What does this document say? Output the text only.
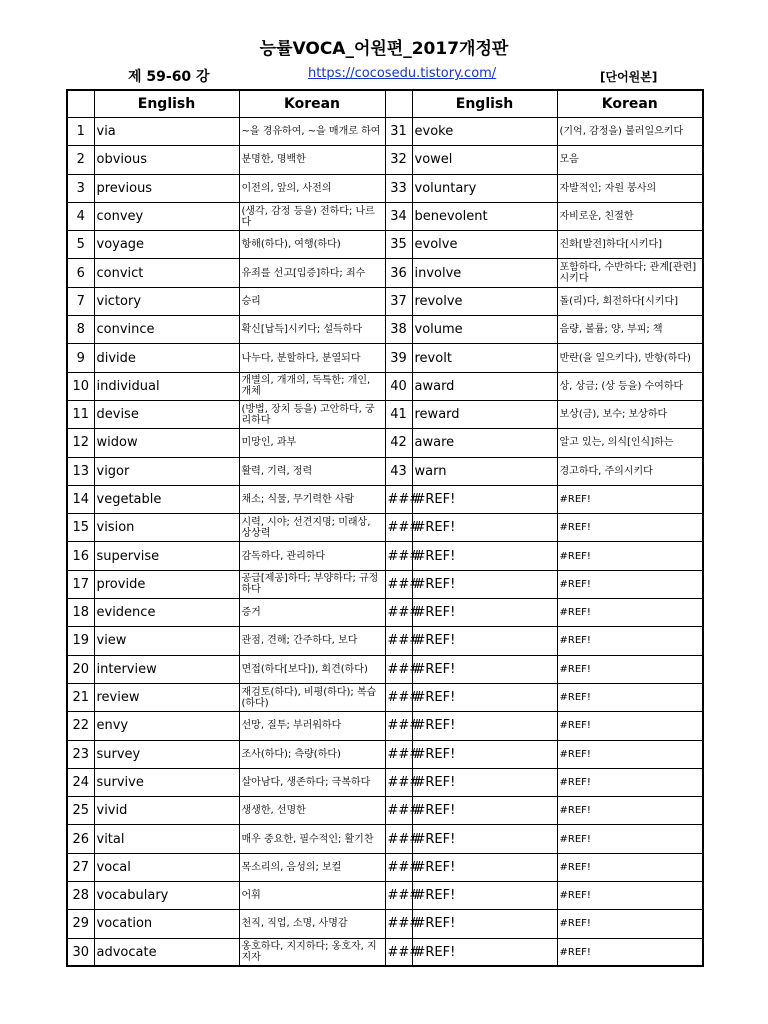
능률VOCA_어원편_2017개정판
제 59-60 강	https://cocosedu.tistory.com/	[단어원본]
	English	Korean		English	Korean
1	via	~을 경유하여, ~을 매개로 하여	31	evoke	(기억, 감정을) 불러일으키다
2	obvious	분명한, 명백한	32	vowel	모음
3	previous	이전의, 앞의, 사전의	33	voluntary	자발적인; 자원 봉사의
4	convey	(생각, 감정 등을) 전하다; 나르다	34	benevolent	자비로운, 친절한
5	voyage	항해(하다), 여행(하다)	35	evolve	진화[발전]하다[시키다]
6	convict	유죄를 선고[입증]하다; 죄수	36	involve	포함하다, 수반하다; 관계[관련]시키다
7	victory	승리	37	revolve	돌(리)다, 회전하다[시키다]
8	convince	확신[납득]시키다; 설득하다	38	volume	음량, 볼륨; 양, 부피; 책
9	divide	나누다, 분할하다, 분열되다	39	revolt	반란(을 일으키다), 반항(하다)
10	individual	개별의, 개개의, 독특한; 개인, 개체	40	award	상, 상금; (상 등을) 수여하다
11	devise	(방법, 장치 등을) 고안하다, 궁리하다	41	reward	보상(금), 보수; 보상하다
12	widow	미망인, 과부	42	aware	알고 있는, 의식[인식]하는
13	vigor	활력, 기력, 정력	43	warn	경고하다, 주의시키다
14	vegetable	채소; 식물, 무기력한 사람	###	#REF!	#REF!
15	vision	시력, 시야; 선견지명; 미래상, 상상력	###	#REF!	#REF!
16	supervise	감독하다, 관리하다	###	#REF!	#REF!
17	provide	공급[제공]하다; 부양하다; 규정하다	###	#REF!	#REF!
18	evidence	증거	###	#REF!	#REF!
19	view	관점, 견해; 간주하다, 보다	###	#REF!	#REF!
20	interview	면접(하다[보다]), 회견(하다)	###	#REF!	#REF!
21	review	재검토(하다), 비평(하다); 복습(하다)	###	#REF!	#REF!
22	envy	선망, 질투; 부러워하다	###	#REF!	#REF!
23	survey	조사(하다); 측량(하다)	###	#REF!	#REF!
24	survive	살아남다, 생존하다; 극복하다	###	#REF!	#REF!
25	vivid	생생한, 선명한	###	#REF!	#REF!
26	vital	매우 중요한, 필수적인; 활기찬	###	#REF!	#REF!
27	vocal	목소리의, 음성의; 보컬	###	#REF!	#REF!
28	vocabulary	어휘	###	#REF!	#REF!
29	vocation	천직, 직업, 소명, 사명감	###	#REF!	#REF!
30	advocate	옹호하다, 지지하다; 옹호자, 지지자	###	#REF!	#REF!
